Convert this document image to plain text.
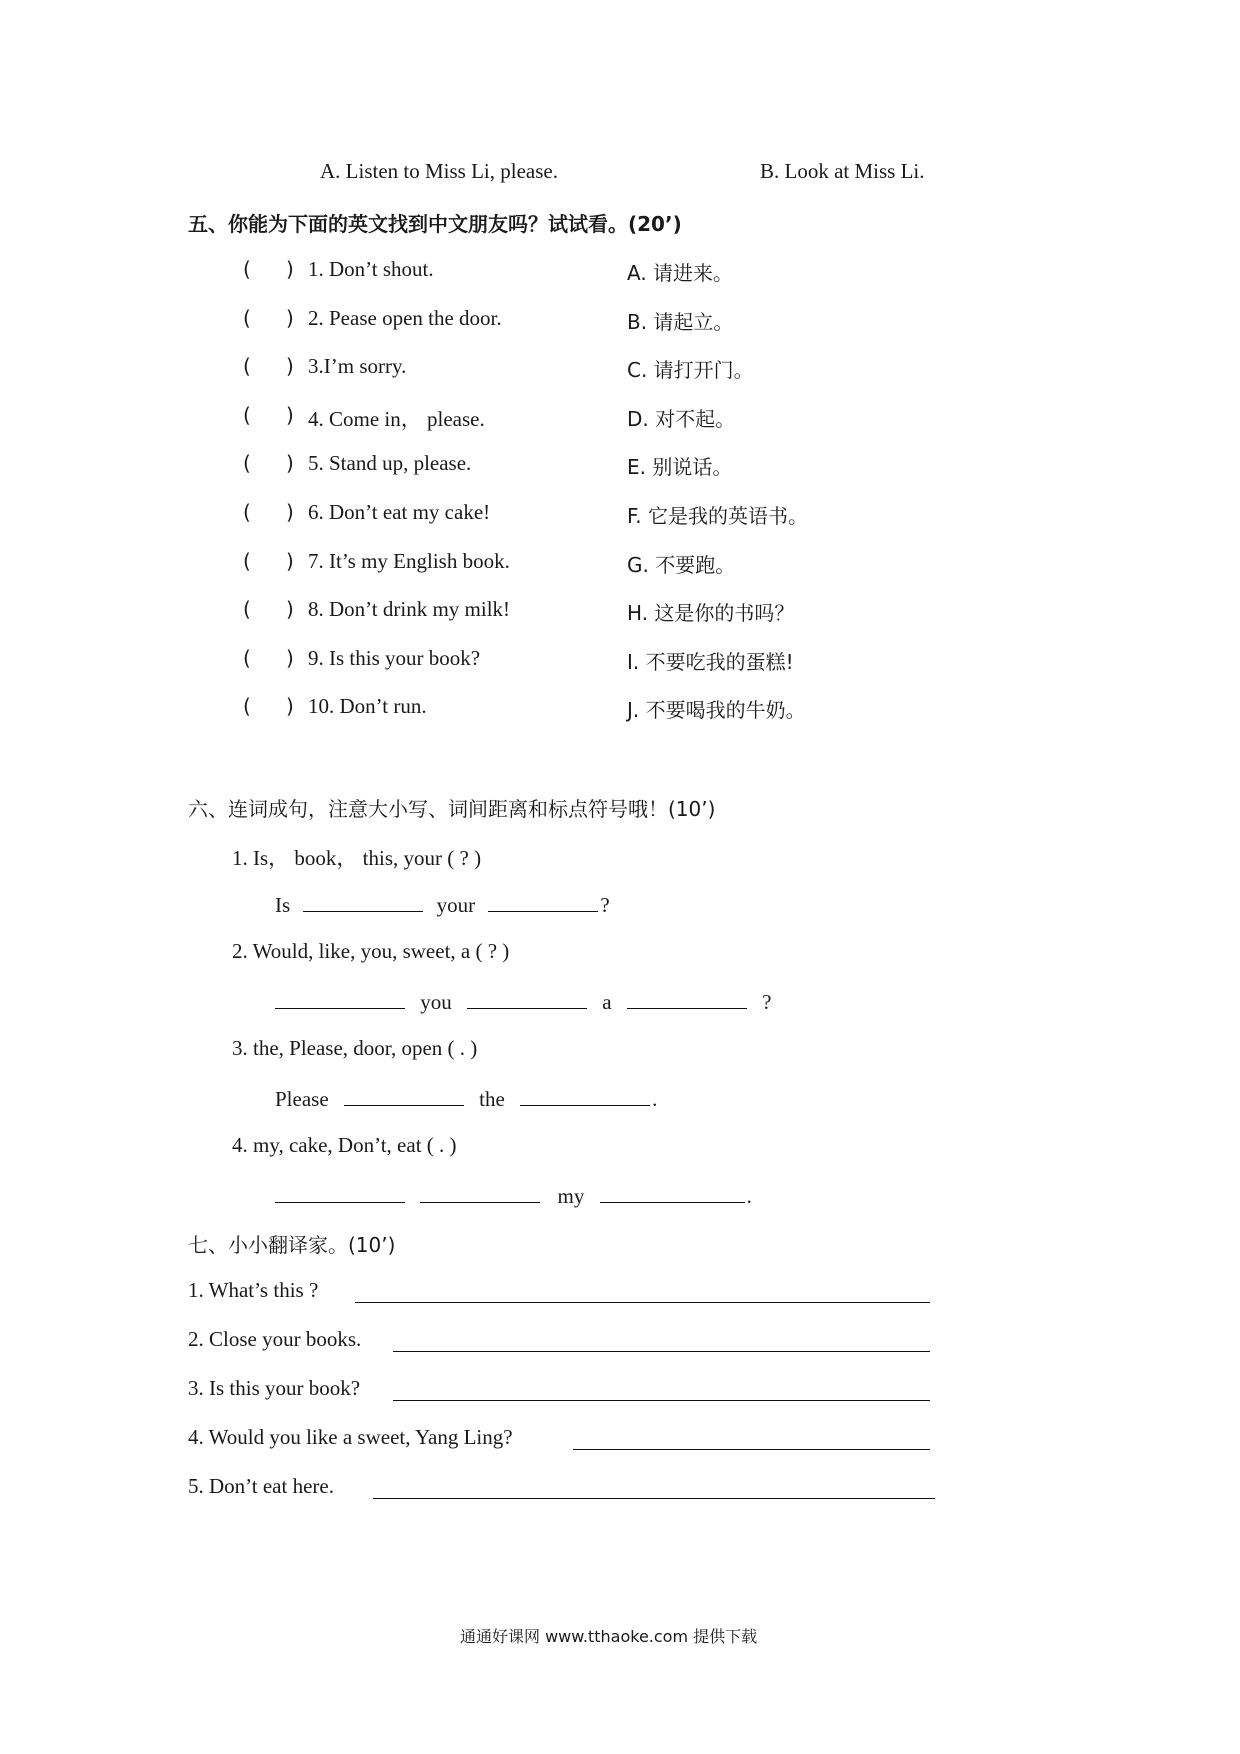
A. Listen to Miss Li, please.	B. Look at Miss Li.
五、你能为下面的英文找到中文朋友吗？试试看。(20’)
( ) 1. Don’t shout.	A. 请进来。
( ) 2. Pease open the door.	B. 请起立。
( ) 3.I’m sorry.	C. 请打开门。
( ) 4. Come in， please.	D. 对不起。
( ) 5. Stand up, please.	E. 别说话。
( ) 6. Don’t eat my cake!	F. 它是我的英语书。
( ) 7. It’s my English book.	G. 不要跑。
( ) 8. Don’t drink my milk!	H. 这是你的书吗？
( ) 9. Is this your book?	I. 不要吃我的蛋糕!
( ) 10. Don’t run.	J. 不要喝我的牛奶。
六、连词成句，注意大小写、词间距离和标点符号哦！(10’)
1. Is， book， this, your ( ? )
Is	your	?
2. Would, like, you, sweet, a ( ? )
you	a	?
3. the, Please, door, open ( . )
Please	the	.
4. my, cake, Don’t, eat ( . )
my	.
七、小小翻译家。(10’)
1. What’s this ?
2. Close your books.
3. Is this your book?
4. Would you like a sweet, Yang Ling?
5. Don’t eat here.
通通好课网 www.tthaoke.com 提供下载
